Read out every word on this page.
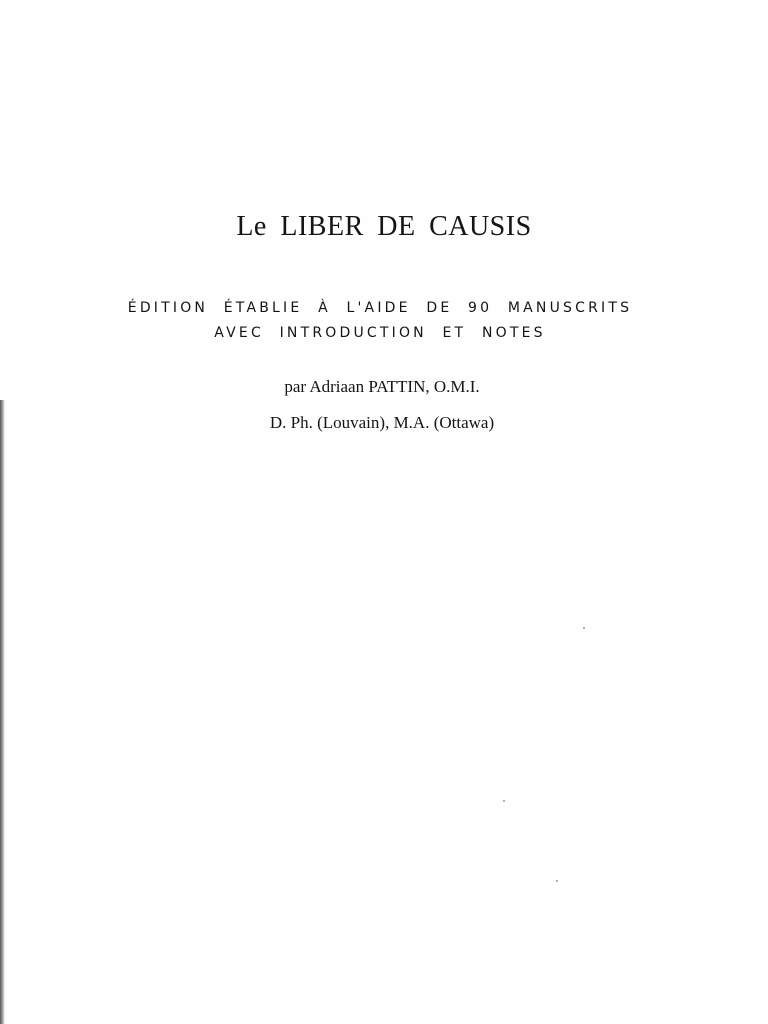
Le LIBER DE CAUSIS
ÉDITION ÉTABLIE À L'AIDE DE 90 MANUSCRITS
AVEC INTRODUCTION ET NOTES
par Adriaan PATTIN, O.M.I.
D. Ph. (Louvain), M.A. (Ottawa)
